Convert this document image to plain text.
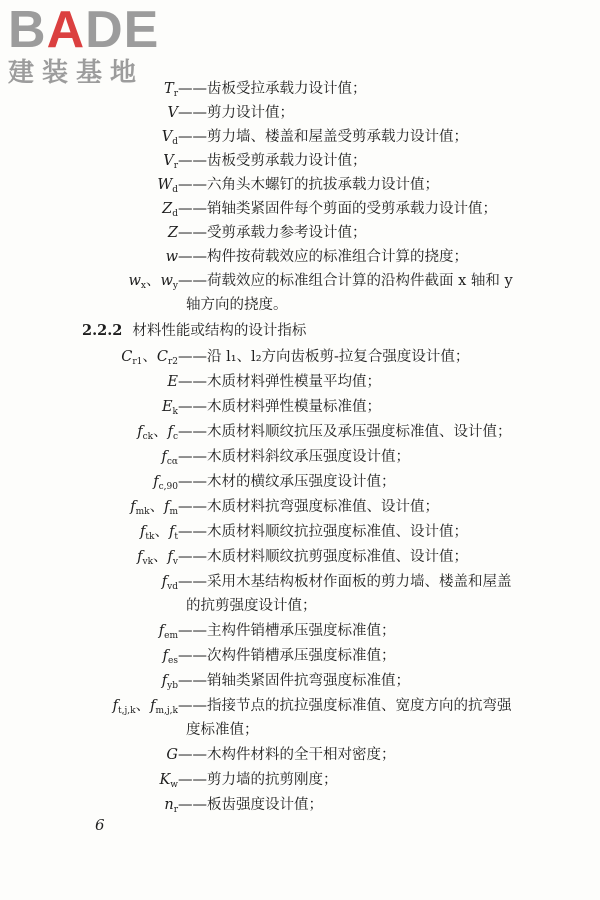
BADE
建装基地
$T_r$ ——齿板受拉承载力设计值；
V ——剪力设计值；
$V_d$ ——剪力墙、楼盖和屋盖受剪承载力设计值；
$V_r$ ——齿板受剪承载力设计值；
$W_d$ ——六角头木螺钉的抗拔承载力设计值；
$Z_d$ ——销轴类紧固件每个剪面的受剪承载力设计值；
Z ——受剪承载力参考设计值；
w ——构件按荷载效应的标准组合计算的挠度；
$w_x$、$w_y$ ——荷载效应的标准组合计算的沿构件截面 x 轴和 y
轴方向的挠度。
2.2.2 材料性能或结构的设计指标
$C_{r1}$、$C_{r2}$ ——沿 l₁、l₂方向齿板剪-拉复合强度设计值；
E ——木质材料弹性模量平均值；
$E_k$ ——木质材料弹性模量标准值；
$f_{ck}$、$f_c$ ——木质材料顺纹抗压及承压强度标准值、设计值；
$f_{c\alpha}$ ——木质材料斜纹承压强度设计值；
$f_{c,90}$ ——木材的横纹承压强度设计值；
$f_{mk}$、$f_m$ ——木质材料抗弯强度标准值、设计值；
$f_{tk}$、$f_t$ ——木质材料顺纹抗拉强度标准值、设计值；
$f_{vk}$、$f_v$ ——木质材料顺纹抗剪强度标准值、设计值；
$f_{vd}$ ——采用木基结构板材作面板的剪力墙、楼盖和屋盖
的抗剪强度设计值；
$f_{em}$ ——主构件销槽承压强度标准值；
$f_{es}$ ——次构件销槽承压强度标准值；
$f_{yb}$ ——销轴类紧固件抗弯强度标准值；
$f_{t,j,k}$、$f_{m,j,k}$ ——指接节点的抗拉强度标准值、宽度方向的抗弯强
度标准值；
G ——木构件材料的全干相对密度；
$K_w$ ——剪力墙的抗剪刚度；
$n_r$ ——板齿强度设计值；
6
